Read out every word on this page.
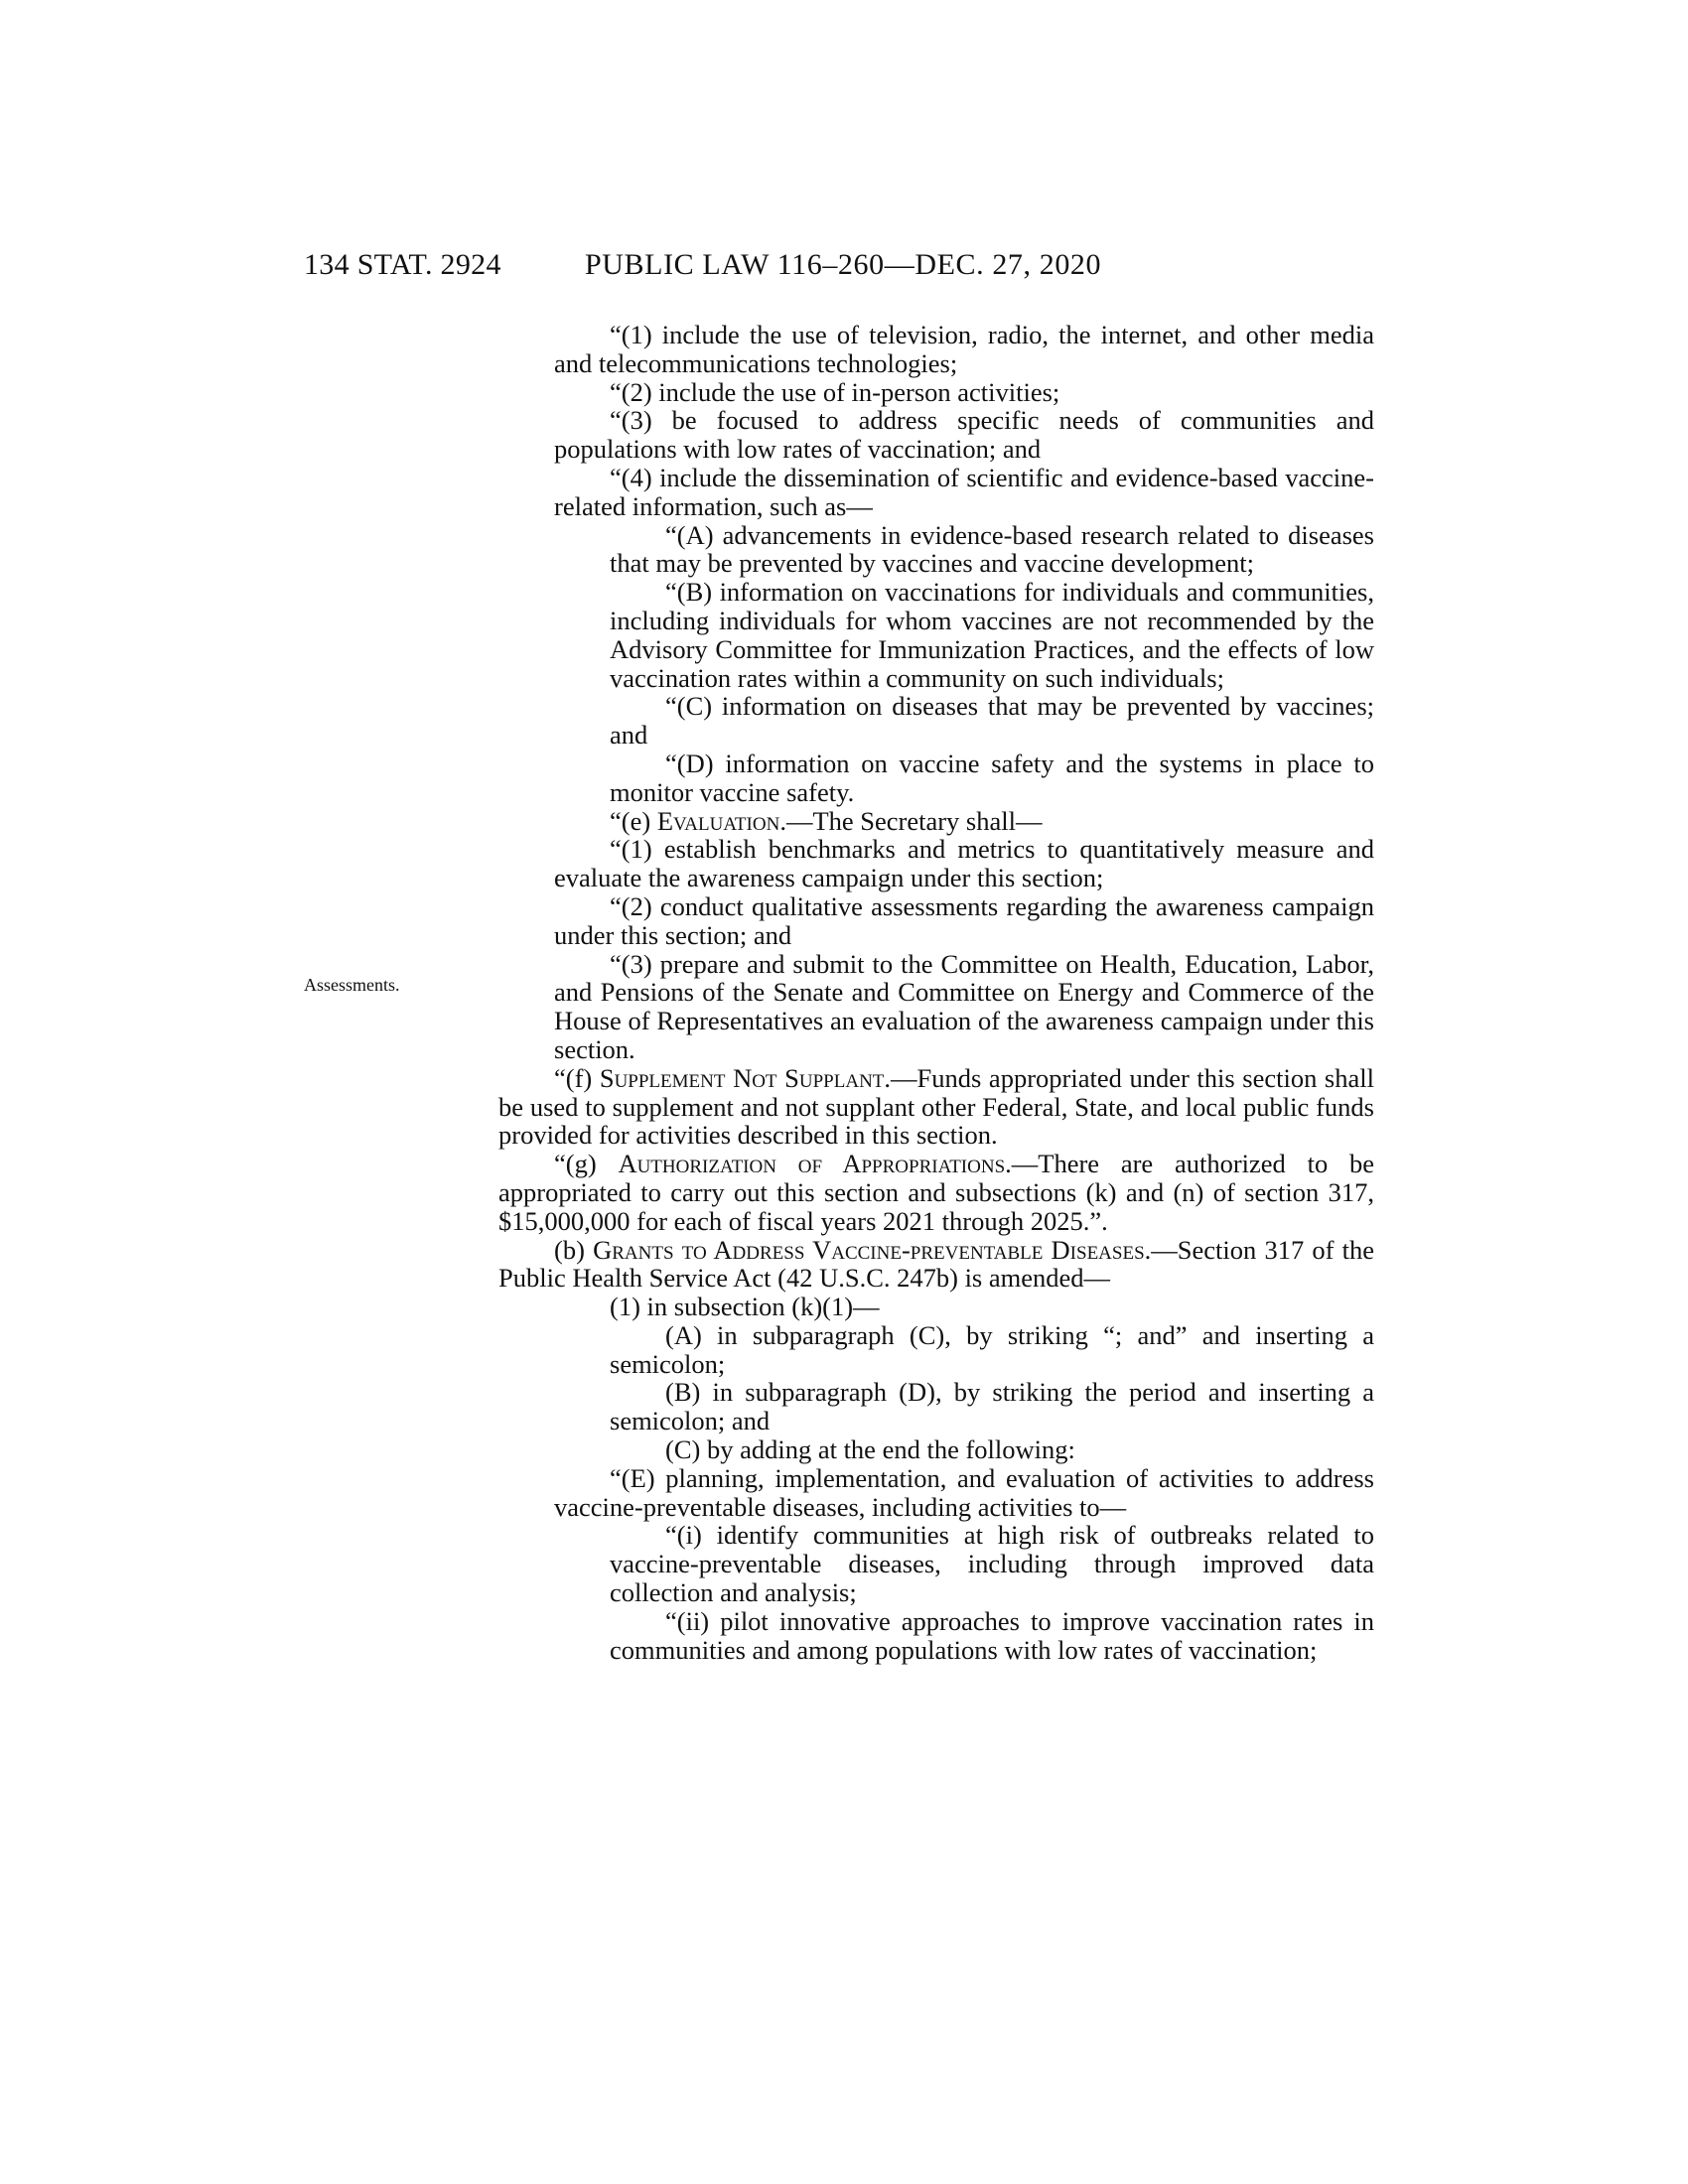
134 STAT. 2924	PUBLIC LAW 116–260—DEC. 27, 2020
Assessments.

“(1) include the use of television, radio, the internet, and other media and telecommunications technologies;

“(2) include the use of in-person activities;

“(3) be focused to address specific needs of communities and populations with low rates of vaccination; and

“(4) include the dissemination of scientific and evidence-based vaccine-related information, such as—

“(A) advancements in evidence-based research related to diseases that may be prevented by vaccines and vaccine development;

“(B) information on vaccinations for individuals and communities, including individuals for whom vaccines are not recommended by the Advisory Committee for Immunization Practices, and the effects of low vaccination rates within a community on such individuals;

“(C) information on diseases that may be prevented by vaccines; and

“(D) information on vaccine safety and the systems in place to monitor vaccine safety.

“(e) Evaluation.—The Secretary shall—

“(1) establish benchmarks and metrics to quantitatively measure and evaluate the awareness campaign under this section;

“(2) conduct qualitative assessments regarding the awareness campaign under this section; and

“(3) prepare and submit to the Committee on Health, Education, Labor, and Pensions of the Senate and Committee on Energy and Commerce of the House of Representatives an evaluation of the awareness campaign under this section.

“(f) Supplement Not Supplant.—Funds appropriated under this section shall be used to supplement and not supplant other Federal, State, and local public funds provided for activities described in this section.

“(g) Authorization of Appropriations.—There are authorized to be appropriated to carry out this section and subsections (k) and (n) of section 317, $15,000,000 for each of fiscal years 2021 through 2025.”.

(b) Grants to Address Vaccine-preventable Diseases.—Section 317 of the Public Health Service Act (42 U.S.C. 247b) is amended—

(1) in subsection (k)(1)—

(A) in subparagraph (C), by striking “; and” and inserting a semicolon;

(B) in subparagraph (D), by striking the period and inserting a semicolon; and

(C) by adding at the end the following:

“(E) planning, implementation, and evaluation of activities to address vaccine-preventable diseases, including activities to—

“(i) identify communities at high risk of outbreaks related to vaccine-preventable diseases, including through improved data collection and analysis;

“(ii) pilot innovative approaches to improve vaccination rates in communities and among populations with low rates of vaccination;
